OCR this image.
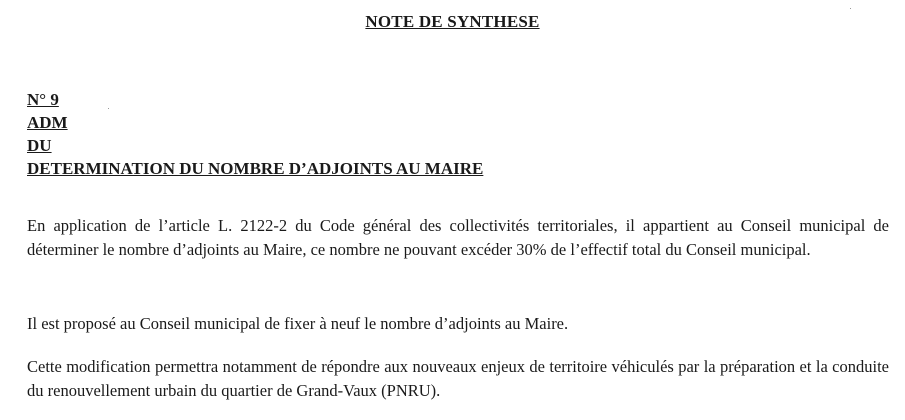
NOTE DE SYNTHESE
N° 9
ADM
DU
DETERMINATION DU NOMBRE D’ADJOINTS AU MAIRE

En application de l’article L. 2122-2 du Code général des collectivités territoriales, il appartient au Conseil municipal de déterminer le nombre d’adjoints au Maire, ce nombre ne pouvant excéder 30% de l’effectif total du Conseil municipal.

Il est proposé au Conseil municipal de fixer à neuf le nombre d’adjoints au Maire.

Cette modification permettra notamment de répondre aux nouveaux enjeux de territoire véhiculés par la préparation et la conduite du renouvellement urbain du quartier de Grand-Vaux (PNRU).
